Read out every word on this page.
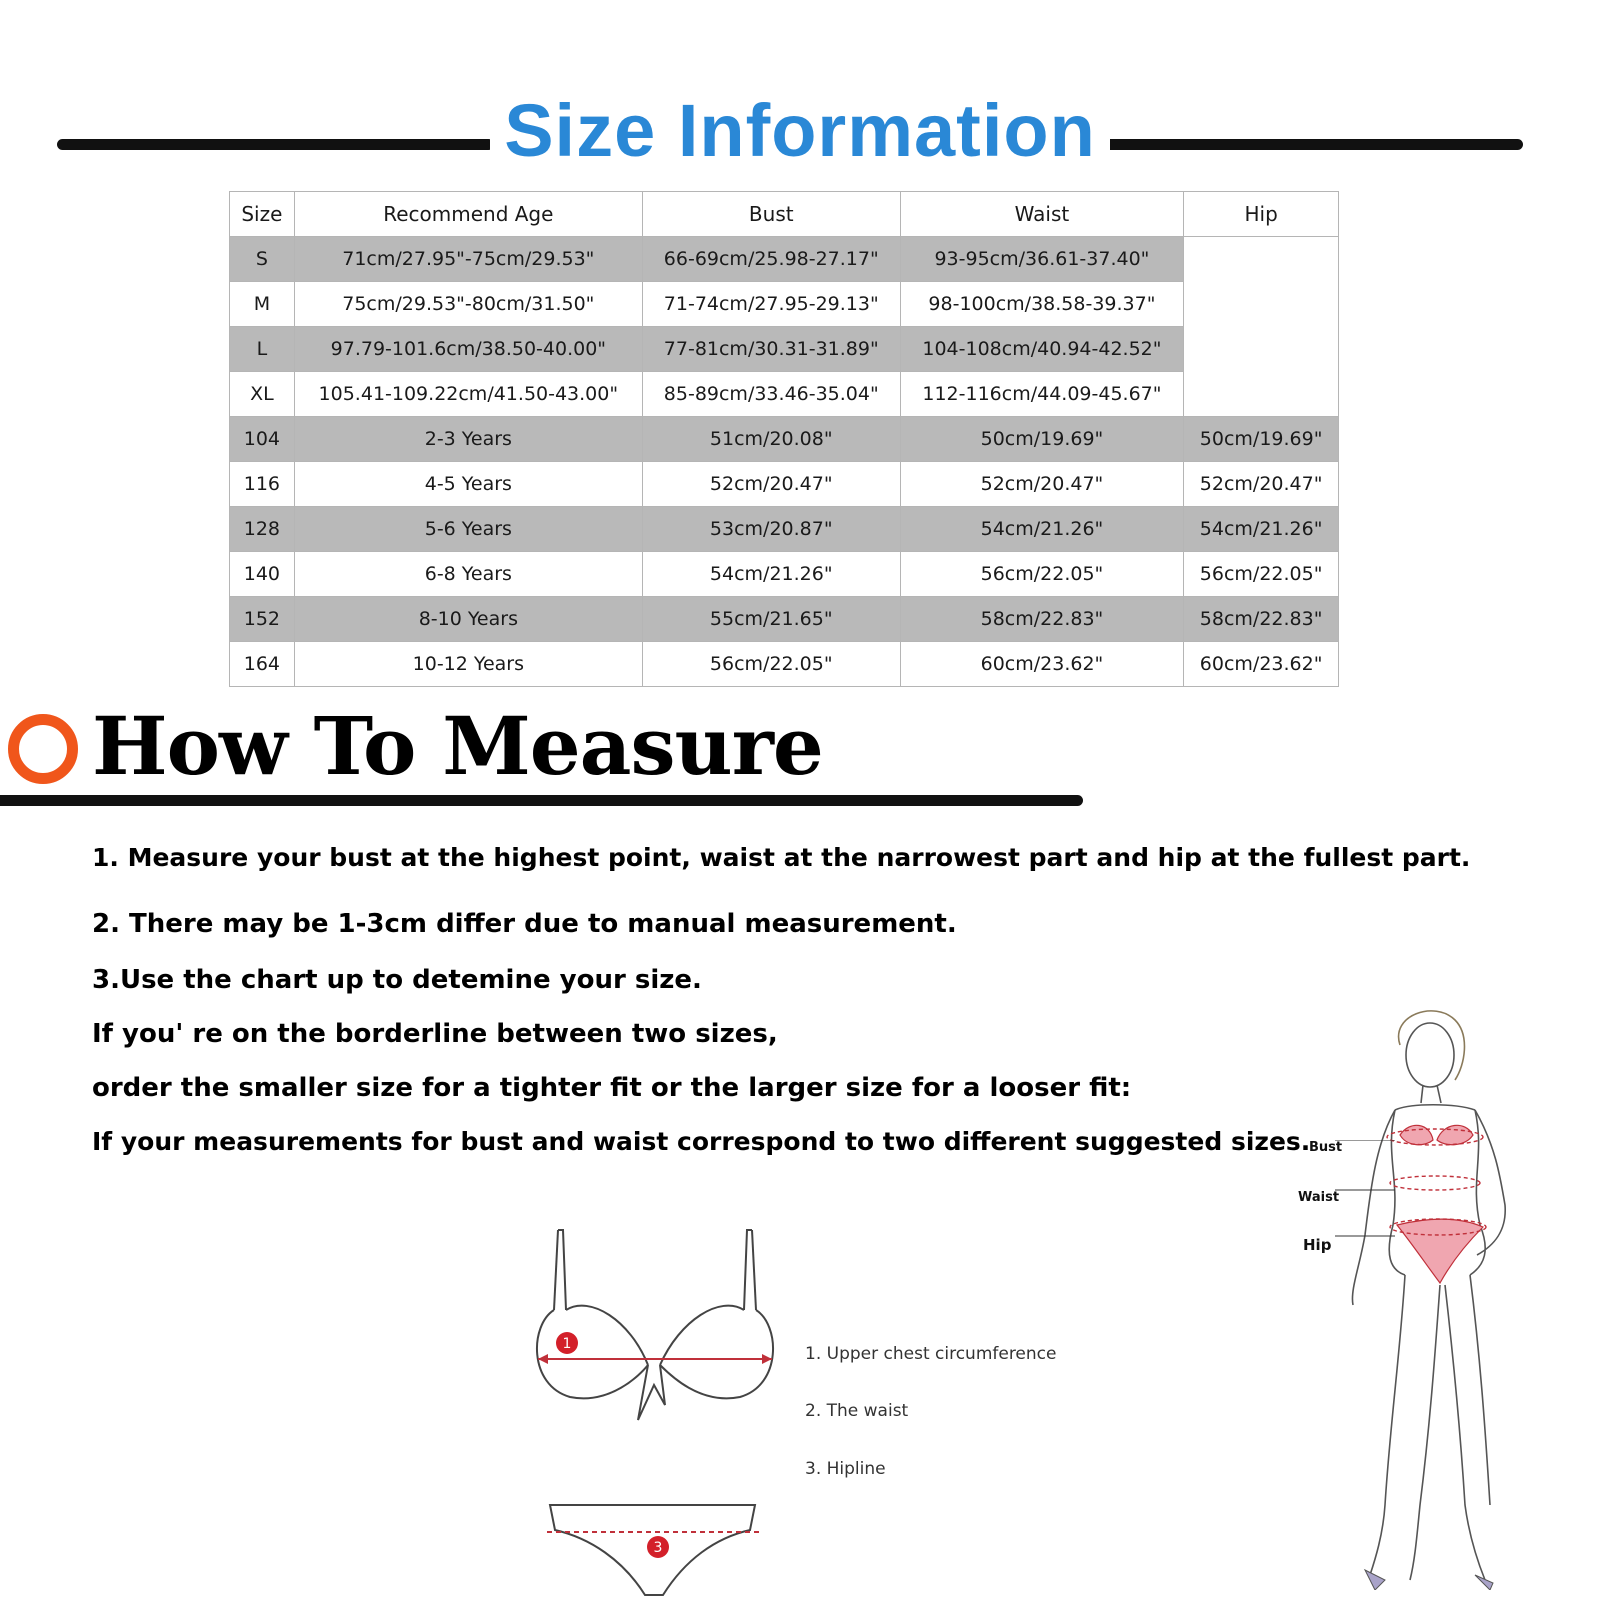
Size Information
Size	Recommend Age	Bust	Waist	Hip
S	71cm/27.95"-75cm/29.53"	66-69cm/25.98-27.17"	93-95cm/36.61-37.40"	
M	75cm/29.53"-80cm/31.50"	71-74cm/27.95-29.13"	98-100cm/38.58-39.37"	
L	97.79-101.6cm/38.50-40.00"	77-81cm/30.31-31.89"	104-108cm/40.94-42.52"	
XL	105.41-109.22cm/41.50-43.00"	85-89cm/33.46-35.04"	112-116cm/44.09-45.67"	
104	2-3 Years	51cm/20.08"	50cm/19.69"	50cm/19.69"
116	4-5 Years	52cm/20.47"	52cm/20.47"	52cm/20.47"
128	5-6 Years	53cm/20.87"	54cm/21.26"	54cm/21.26"
140	6-8 Years	54cm/21.26"	56cm/22.05"	56cm/22.05"
152	8-10 Years	55cm/21.65"	58cm/22.83"	58cm/22.83"
164	10-12 Years	56cm/22.05"	60cm/23.62"	60cm/23.62"
How To Measure
1. Measure your bust at the highest point, waist at the narrowest part and hip at the fullest part.
2. There may be 1-3cm differ due to manual measurement.
3.Use the chart up to detemine your size.
If you' re on the borderline between two sizes,
order the smaller size for a tighter fit or the larger size for a looser fit:
If your measurements for bust and waist correspond to two different suggested sizes.
1
3
1. Upper chest circumference
2. The waist
3. Hipline
Bust
Waist
Hip
